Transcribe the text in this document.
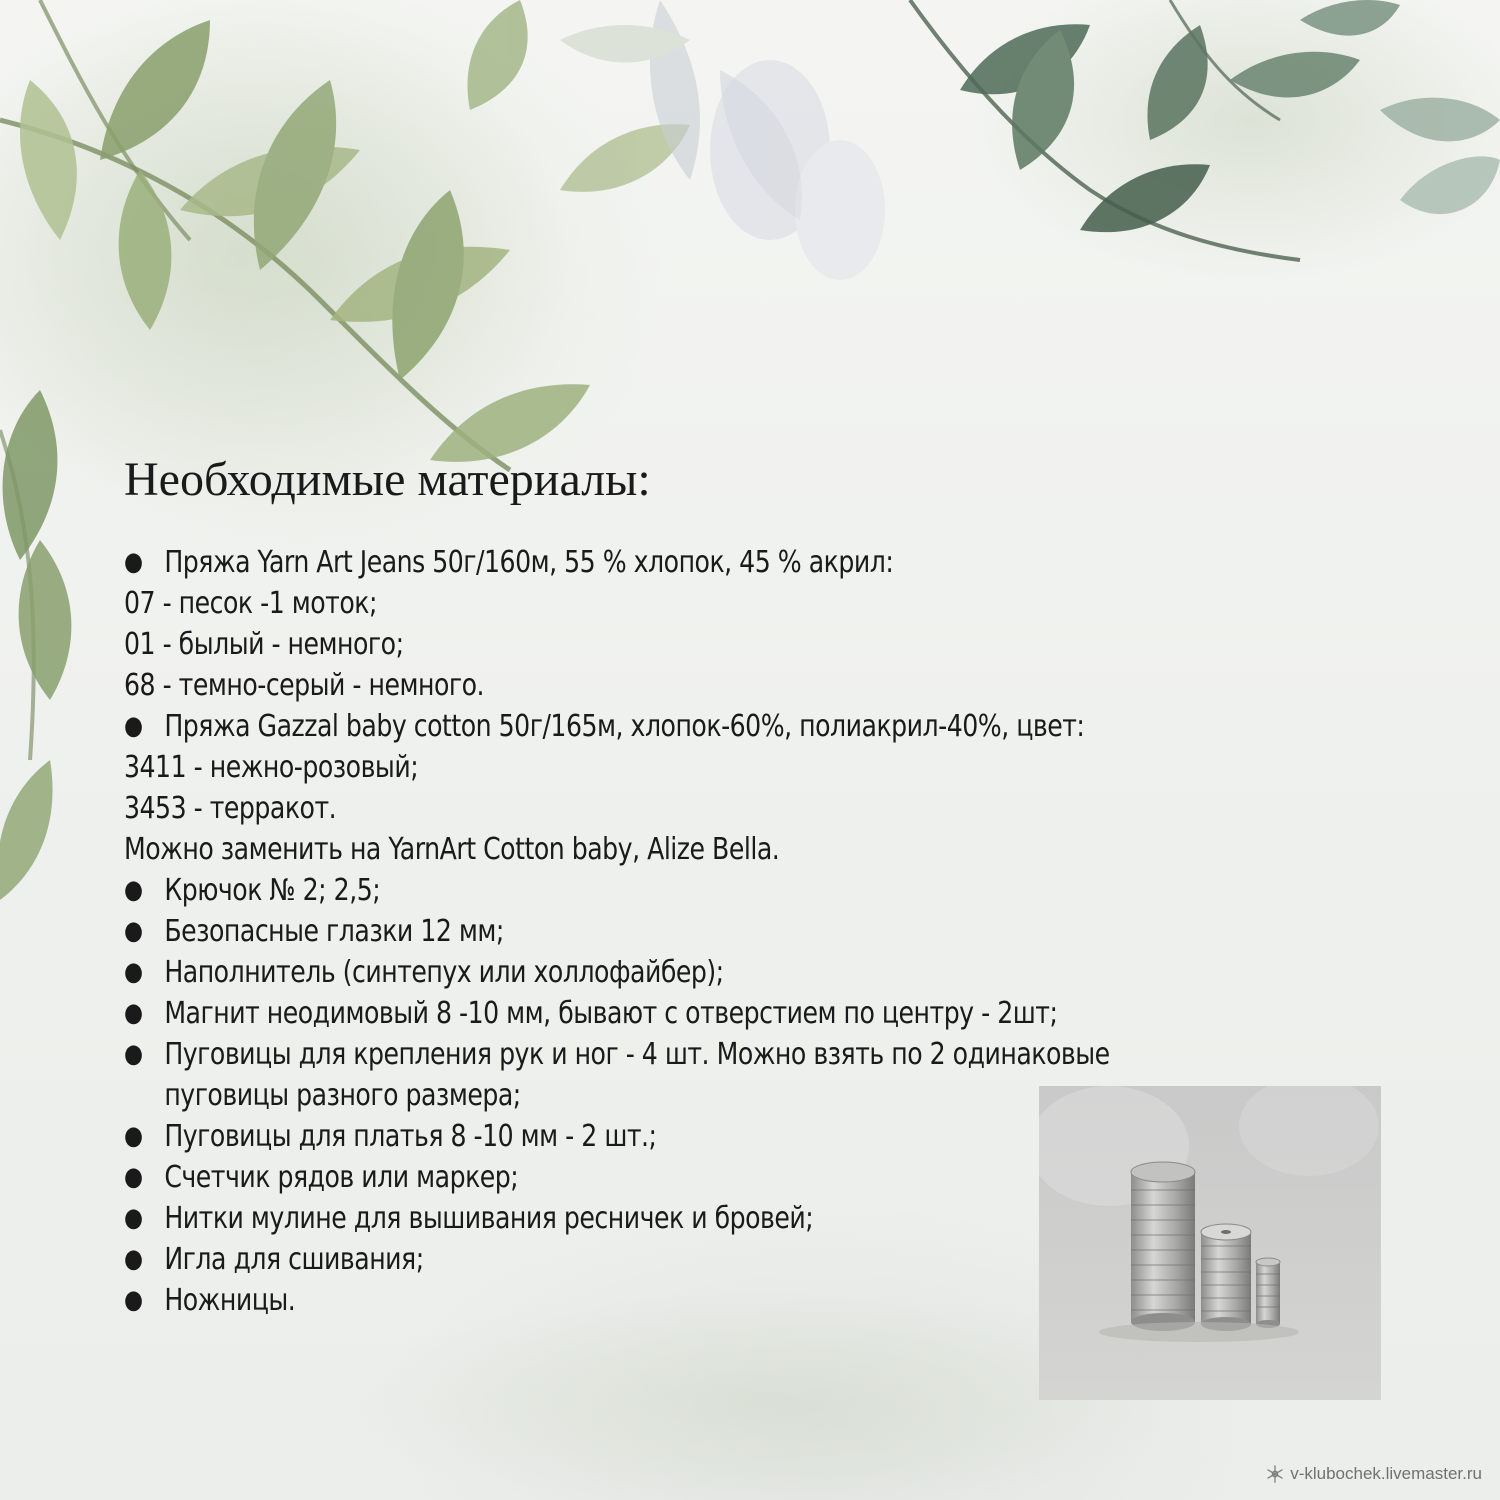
Необходимые материалы:
● Пряжа Yarn Art Jeans 50г/160м, 55 % хлопок, 45 % акрил:
07 - песок -1 моток;
01 - былый - немного;
68 - темно-серый - немного.
● Пряжа Gazzal baby cotton 50г/165м, хлопок-60%, полиакрил-40%, цвет:
3411 - нежно-розовый;
3453 - терракот.
Можно заменить на YarnArt Cotton baby, Alize Bella.
● Крючок № 2; 2,5;
● Безопасные глазки 12 мм;
● Наполнитель (синтепух или холлофайбер);
● Магнит неодимовый 8 -10 мм, бывают с отверстием по центру - 2шт;
● Пуговицы для крепления рук и ног - 4 шт. Можно взять по 2 одинаковые
пуговицы разного размера;
● Пуговицы для платья 8 -10 мм - 2 шт.;
● Счетчик рядов или маркер;
● Нитки мулине для вышивания ресничек и бровей;
● Игла для сшивания;
● Ножницы.
v-klubochek.livemaster.ru
